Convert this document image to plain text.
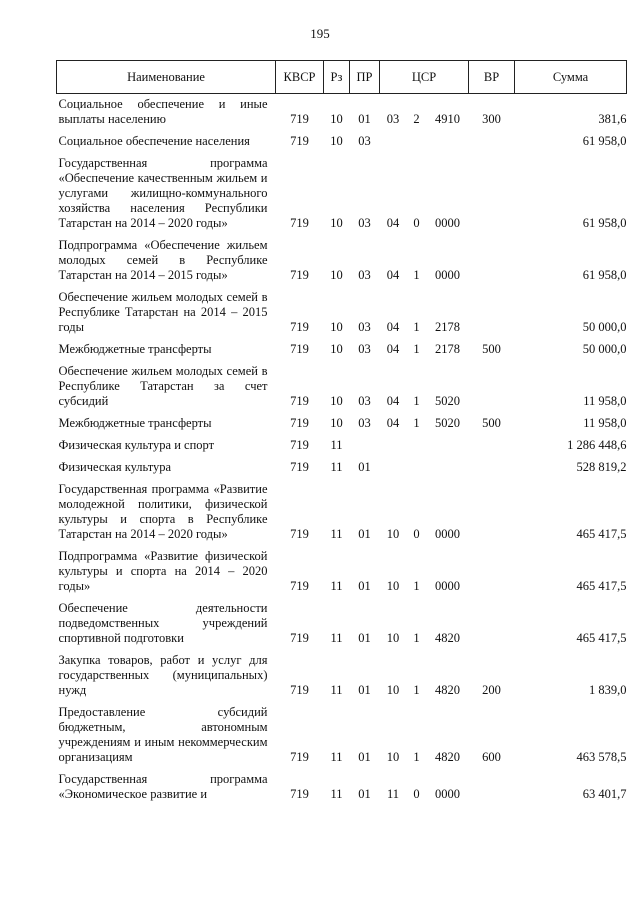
195
Наименование	КВСР	Рз	ПР	ЦСР			ВР	Сумма
Социальное обеспечение и иные выплаты населению	719	10	01	03	2	4910	300	381,6
Социальное обеспечение населения	719	10	03					61 958,0
Государственная программа «Обеспечение качественным жильем и услугами жилищно-коммунального хозяйства населения Республики Татарстан на 2014 – 2020 годы»	719	10	03	04	0	0000		61 958,0
Подпрограмма «Обеспечение жильем молодых семей в Республике Татарстан на 2014 – 2015 годы»	719	10	03	04	1	0000		61 958,0
Обеспечение жильем молодых семей в Республике Татарстан на 2014 – 2015 годы	719	10	03	04	1	2178		50 000,0
Межбюджетные трансферты	719	10	03	04	1	2178	500	50 000,0
Обеспечение жильем молодых семей в Республике Татарстан за счет субсидий	719	10	03	04	1	5020		11 958,0
Межбюджетные трансферты	719	10	03	04	1	5020	500	11 958,0
Физическая культура и спорт	719	11						1 286 448,6
Физическая культура	719	11	01					528 819,2
Государственная программа «Развитие молодежной политики, физической культуры и спорта в Республике Татарстан на 2014 – 2020 годы»	719	11	01	10	0	0000		465 417,5
Подпрограмма «Развитие физической культуры и спорта на 2014 – 2020 годы»	719	11	01	10	1	0000		465 417,5
Обеспечение деятельности подведомственных учреждений спортивной подготовки	719	11	01	10	1	4820		465 417,5
Закупка товаров, работ и услуг для государственных (муниципальных) нужд	719	11	01	10	1	4820	200	1 839,0
Предоставление субсидий бюджетным, автономным учреждениям и иным некоммерческим организациям	719	11	01	10	1	4820	600	463 578,5
Государственная программа «Экономическое развитие и	719	11	01	11	0	0000		63 401,7
